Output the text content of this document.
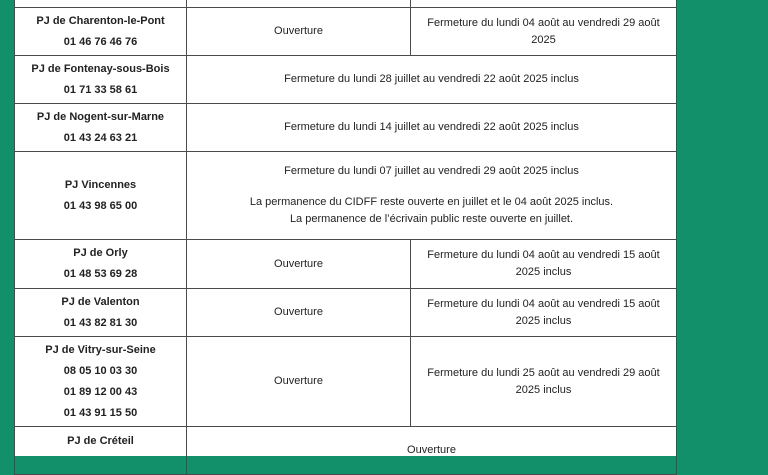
PJ de Charenton-le-Pont
01 46 76 46 76	Ouverture	Fermeture du lundi 04 août au vendredi 29 août 2025

PJ de Fontenay-sous-Bois
01 71 33 58 61	Fermeture du lundi 28 juillet au vendredi 22 août 2025 inclus	

PJ de Nogent-sur-Marne
01 43 24 63 21	Fermeture du lundi 14 juillet au vendredi 22 août 2025 inclus	

PJ Vincennes
01 43 98 65 00	Fermeture du lundi 07 juillet au vendredi 29 août 2025 inclus
La permanence du CIDFF reste ouverte en juillet et le 04 août 2025 inclus.
La permanence de l’écrivain public reste ouverte en juillet.	

PJ de Orly
01 48 53 69 28	Ouverture	Fermeture du lundi 04 août au vendredi 15 août 2025 inclus

PJ de Valenton
01 43 82 81 30	Ouverture	Fermeture du lundi 04 août au vendredi 15 août 2025 inclus

PJ de Vitry-sur-Seine
08 05 10 03 30
01 89 12 00 43
01 43 91 15 50	Ouverture	Fermeture du lundi 25 août au vendredi 29 août 2025 inclus

PJ de Créteil	Ouverture	
